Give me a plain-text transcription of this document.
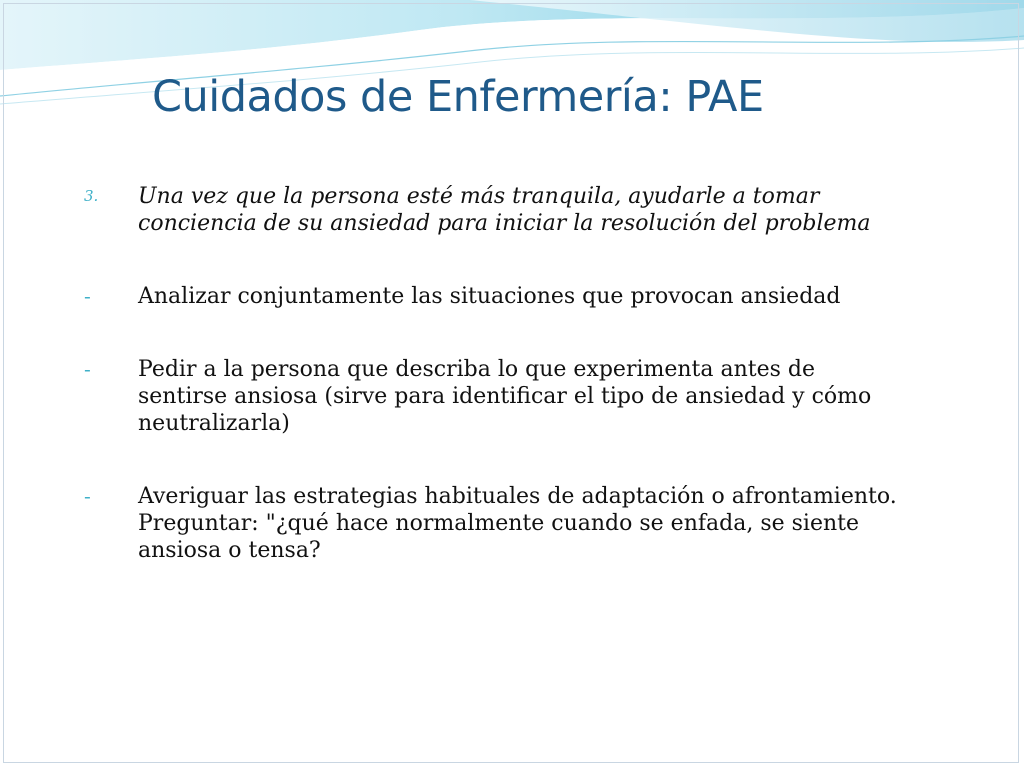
Cuidados de Enfermería: PAE
3.	Una vez que la persona esté más tranquila, ayudarle a tomar conciencia de su ansiedad para iniciar la resolución del problema
-	Analizar conjuntamente las situaciones que provocan ansiedad
-	Pedir a la persona que describa lo que experimenta antes de sentirse ansiosa (sirve para identificar el tipo de ansiedad y cómo neutralizarla)
-	Averiguar las estrategias habituales de adaptación o afrontamiento. Preguntar: "¿qué hace normalmente cuando se enfada, se siente ansiosa o tensa?
